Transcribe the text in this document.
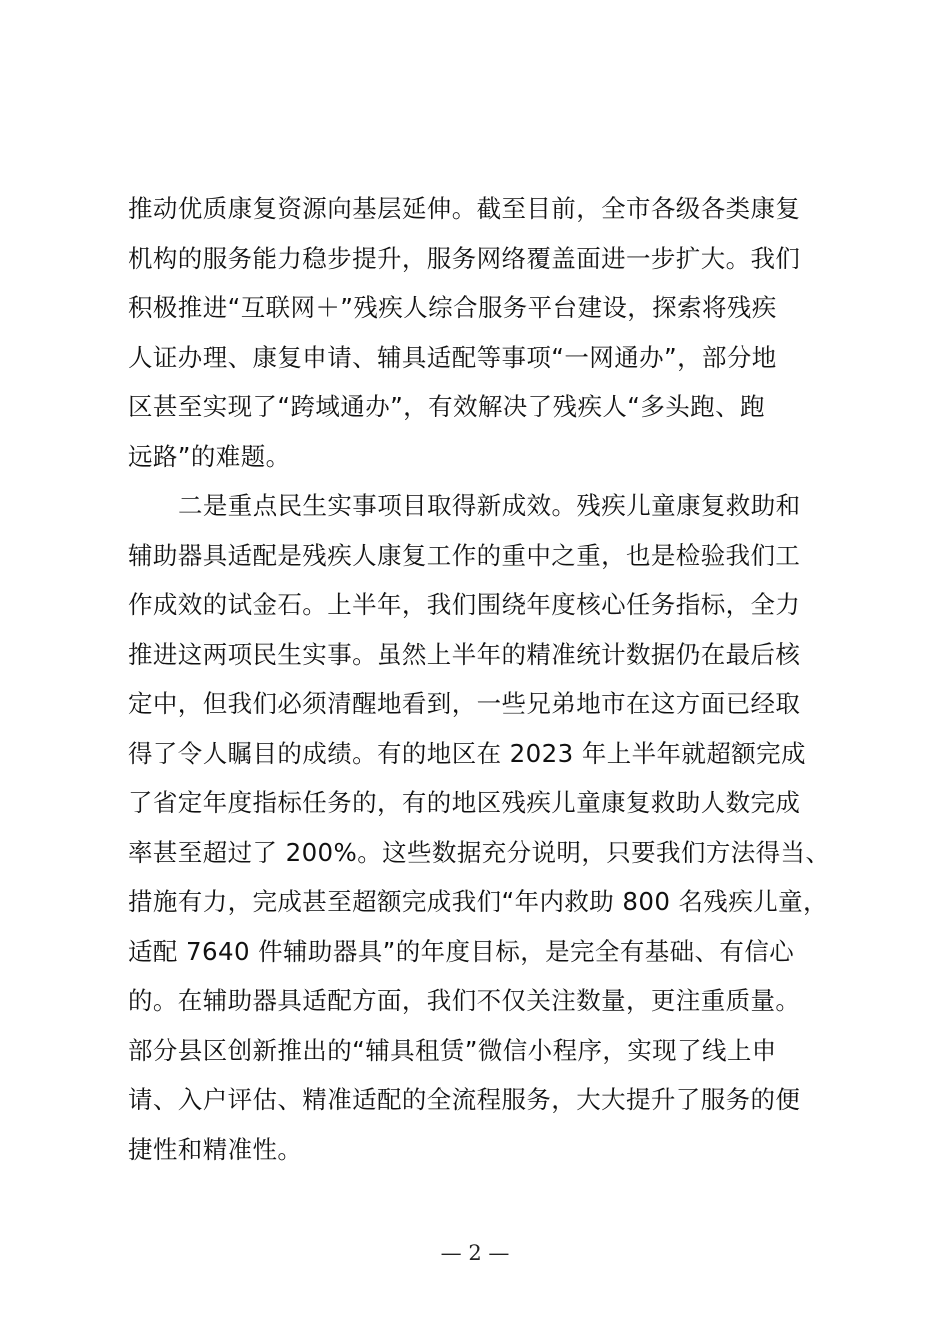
推动优质康复资源向基层延伸。截至目前，全市各级各类康复
机构的服务能力稳步提升，服务网络覆盖面进一步扩大。我们
积极推进“互联网＋”残疾人综合服务平台建设，探索将残疾
人证办理、康复申请、辅具适配等事项“一网通办”，部分地
区甚至实现了“跨域通办”，有效解决了残疾人“多头跑、跑
远路”的难题。
二是重点民生实事项目取得新成效。残疾儿童康复救助和
辅助器具适配是残疾人康复工作的重中之重，也是检验我们工
作成效的试金石。上半年，我们围绕年度核心任务指标，全力
推进这两项民生实事。虽然上半年的精准统计数据仍在最后核
定中，但我们必须清醒地看到，一些兄弟地市在这方面已经取
得了令人瞩目的成绩。有的地区在 2023 年上半年就超额完成
了省定年度指标任务的，有的地区残疾儿童康复救助人数完成
率甚至超过了 200%。这些数据充分说明，只要我们方法得当、
措施有力，完成甚至超额完成我们“年内救助 800 名残疾儿童，
适配 7640 件辅助器具”的年度目标，是完全有基础、有信心
的。在辅助器具适配方面，我们不仅关注数量，更注重质量。
部分县区创新推出的“辅具租赁”微信小程序，实现了线上申
请、入户评估、精准适配的全流程服务，大大提升了服务的便
捷性和精准性。
— 2 —
